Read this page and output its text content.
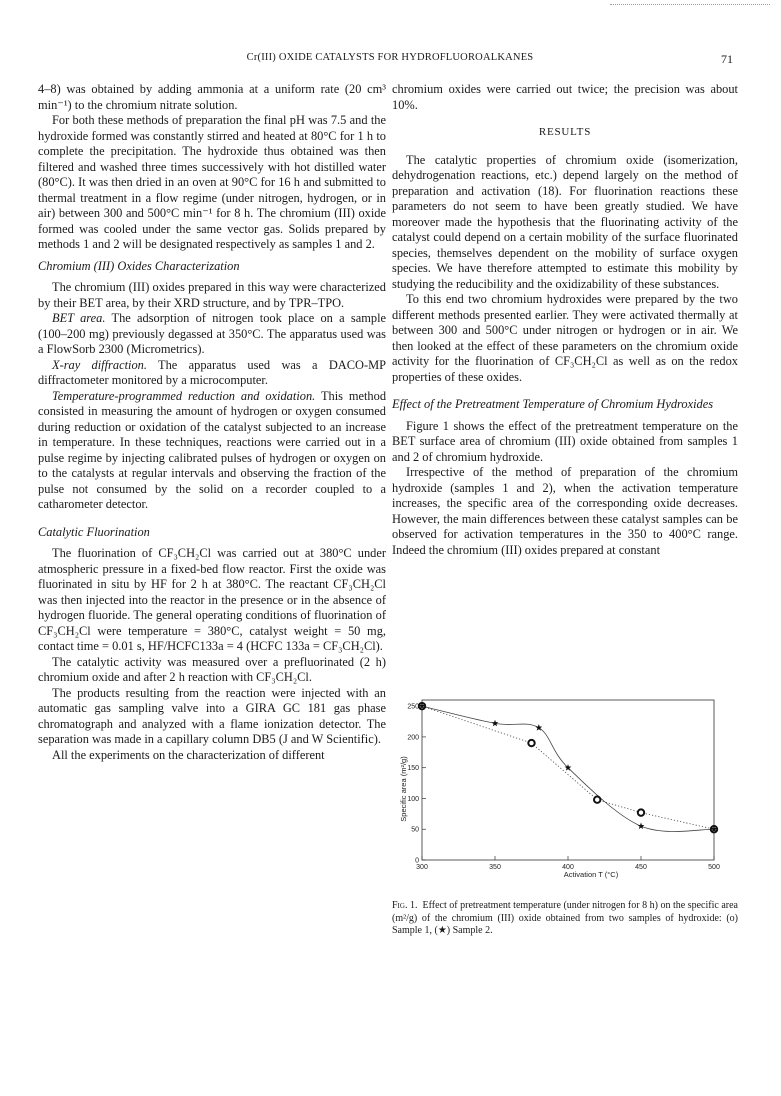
Cr(III) OXIDE CATALYSTS FOR HYDROFLUOROALKANES	71

4–8) was obtained by adding ammonia at a uniform rate (20 cm³ min⁻¹) to the chromium nitrate solution.

For both these methods of preparation the final pH was 7.5 and the hydroxide formed was constantly stirred and heated at 80°C for 1 h to complete the precipitation. The hydroxide thus obtained was then filtered and washed three times successively with hot distilled water (80°C). It was then dried in an oven at 90°C for 16 h and submitted to thermal treatment in a flow regime (under nitrogen, hydrogen, or in air) between 300 and 500°C min⁻¹ for 8 h. The chromium (III) oxide formed was cooled under the same vector gas. Solids prepared by methods 1 and 2 will be designated respectively as samples 1 and 2.

Chromium (III) Oxides Characterization

The chromium (III) oxides prepared in this way were characterized by their BET area, by their XRD structure, and by TPR–TPO.

BET area. The adsorption of nitrogen took place on a sample (100–200 mg) previously degassed at 350°C. The apparatus used was a FlowSorb 2300 (Micrometrics).

X-ray diffraction. The apparatus used was a DACO-MP diffractometer monitored by a microcomputer.

Temperature-programmed reduction and oxidation. This method consisted in measuring the amount of hydrogen or oxygen consumed during reduction or oxidation of the catalyst subjected to an increase in temperature. In these techniques, reactions were carried out in a pulse regime by injecting calibrated pulses of hydrogen or oxygen on to the catalysts at regular intervals and observing the fraction of the pulse not consumed by the solid on a recorder coupled to a catharometer detector.

Catalytic Fluorination

The fluorination of CF₃CH₂Cl was carried out at 380°C under atmospheric pressure in a fixed-bed flow reactor. First the oxide was fluorinated in situ by HF for 2 h at 380°C. The reactant CF₃CH₂Cl was then injected into the reactor in the presence or in the absence of hydrogen fluoride. The general operating conditions of fluorination of CF₃CH₂Cl were temperature = 380°C, catalyst weight = 50 mg, contact time = 0.01 s, HF/HCFC133a = 4 (HCFC 133a = CF₃CH₂Cl).

The catalytic activity was measured over a prefluorinated (2 h) chromium oxide and after 2 h reaction with CF₃CH₂Cl.

The products resulting from the reaction were injected with an automatic gas sampling valve into a GIRA GC 181 gas phase chromatograph and analyzed with a flame ionization detector. The separation was made in a capillary column DB5 (J and W Scientific).

All the experiments on the characterization of different

chromium oxides were carried out twice; the precision was about 10%.

RESULTS

The catalytic properties of chromium oxide (isomerization, dehydrogenation reactions, etc.) depend largely on the method of preparation and activation (18). For fluorination reactions these parameters do not seem to have been greatly studied. We have moreover made the hypothesis that the fluorinating activity of the catalyst could depend on a certain mobility of the surface fluorinated species, themselves dependent on the mobility of surface oxygen species. We have therefore attempted to estimate this mobility by studying the reducibility and the oxidizability of these substances.

To this end two chromium hydroxides were prepared by the two different methods presented earlier. They were activated thermally at between 300 and 500°C under nitrogen or hydrogen or in air. We then looked at the effect of these parameters on the chromium oxide activity for the fluorination of CF₃CH₂Cl as well as on the redox properties of these oxides.

Effect of the Pretreatment Temperature of Chromium Hydroxides

Figure 1 shows the effect of the pretreatment temperature on the BET surface area of chromium (III) oxide obtained from samples 1 and 2 of chromium hydroxide.

Irrespective of the method of preparation of the chromium hydroxide (samples 1 and 2), when the activation temperature increases, the specific area of the corresponding oxide decreases. However, the main differences between these catalyst samples can be observed for activation temperatures in the 350 to 400°C range. Indeed the chromium (III) oxides prepared at constant

300	350	400	450	500
0
50
100
150
200
250
Activation T (°C)
Specific area (m²/g)
Fig. 1. Effect of pretreatment temperature (under nitrogen for 8 h) on the specific area (m²/g) of the chromium (III) oxide obtained from two samples of hydroxide: (o) Sample 1, (★) Sample 2.
